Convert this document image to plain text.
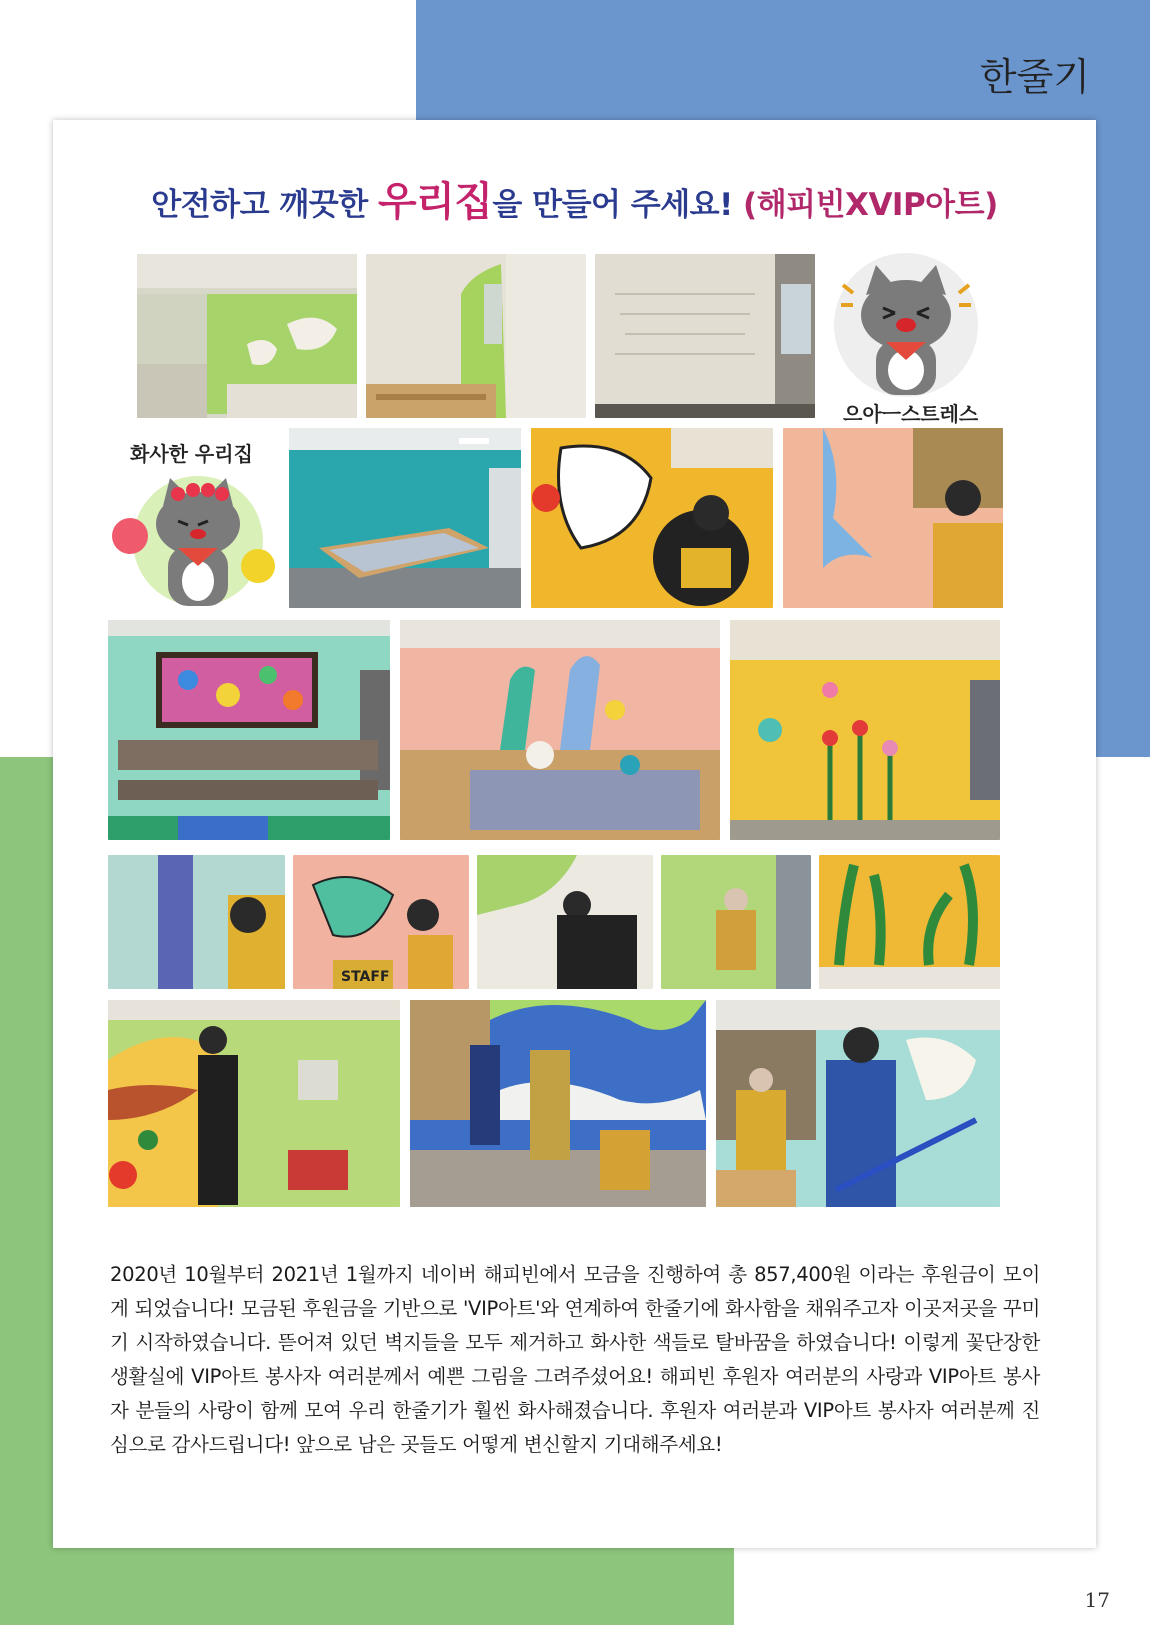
한줄기
안전하고 깨끗한 우리집을 만들어 주세요! (해피빈XVIP아트)
으아ㅡ스트레스
화사한 우리집
STAFF
2020년 10월부터 2021년 1월까지 네이버 해피빈에서 모금을 진행하여 총 857,400원 이라는 후원금이 모이게 되었습니다! 모금된 후원금을 기반으로 'VIP아트'와 연계하여 한줄기에 화사함을 채워주고자 이곳저곳을 꾸미기 시작하였습니다. 뜯어져 있던 벽지들을 모두 제거하고 화사한 색들로 탈바꿈을 하였습니다! 이렇게 꽃단장한 생활실에 VIP아트 봉사자 여러분께서 예쁜 그림을 그려주셨어요! 해피빈 후원자 여러분의 사랑과 VIP아트 봉사자 분들의 사랑이 함께 모여 우리 한줄기가 훨씬 화사해졌습니다. 후원자 여러분과 VIP아트 봉사자 여러분께 진심으로 감사드립니다! 앞으로 남은 곳들도 어떻게 변신할지 기대해주세요!
17
